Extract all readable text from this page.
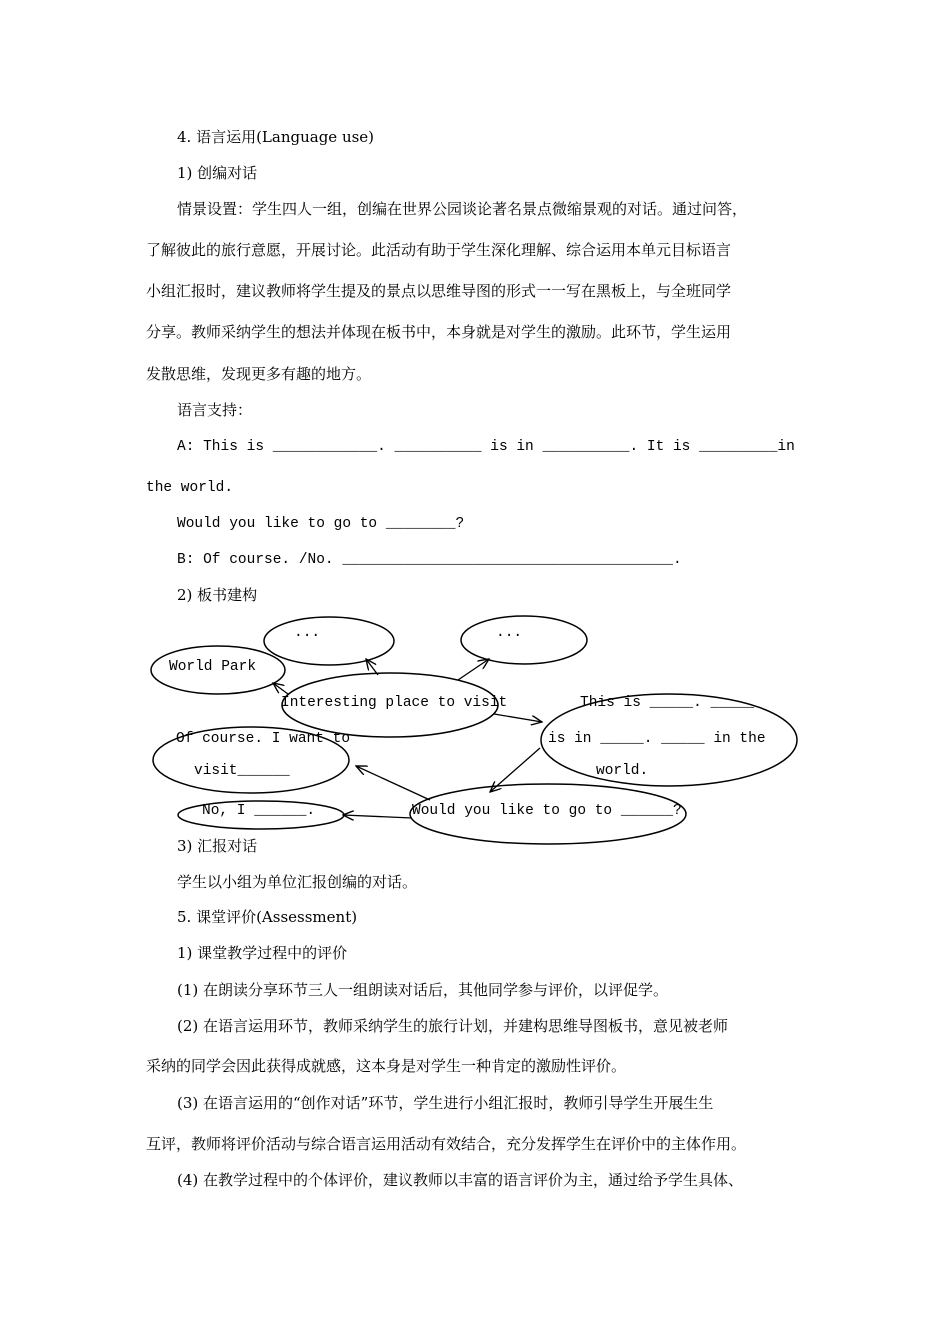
4. 语言运用(Language use)
1) 创编对话
情景设置：学生四人一组，创编在世界公园谈论著名景点微缩景观的对话。通过问答，
了解彼此的旅行意愿，开展讨论。此活动有助于学生深化理解、综合运用本单元目标语言
小组汇报时，建议教师将学生提及的景点以思维导图的形式一一写在黑板上，与全班同学
分享。教师采纳学生的想法并体现在板书中，本身就是对学生的激励。此环节，学生运用
发散思维，发现更多有趣的地方。
语言支持：
A: This is ____________. __________ is in __________. It is _________in
the world.
Would you like to go to ________?
B: Of course. /No. ______________________________________.
2) 板书建构
...	...
World Park
Interesting place to visit	This is _____. _____
is in _____. _____ in the
world.
Of course. I want to
visit______
No, I ______.	Would you like to go to ______?
3) 汇报对话
学生以小组为单位汇报创编的对话。
5. 课堂评价(Assessment)
1) 课堂教学过程中的评价
(1) 在朗读分享环节三人一组朗读对话后，其他同学参与评价，以评促学。
(2) 在语言运用环节，教师采纳学生的旅行计划，并建构思维导图板书，意见被老师
采纳的同学会因此获得成就感，这本身是对学生一种肯定的激励性评价。
(3) 在语言运用的“创作对话”环节，学生进行小组汇报时，教师引导学生开展生生
互评，教师将评价活动与综合语言运用活动有效结合，充分发挥学生在评价中的主体作用。
(4) 在教学过程中的个体评价，建议教师以丰富的语言评价为主，通过给予学生具体、
